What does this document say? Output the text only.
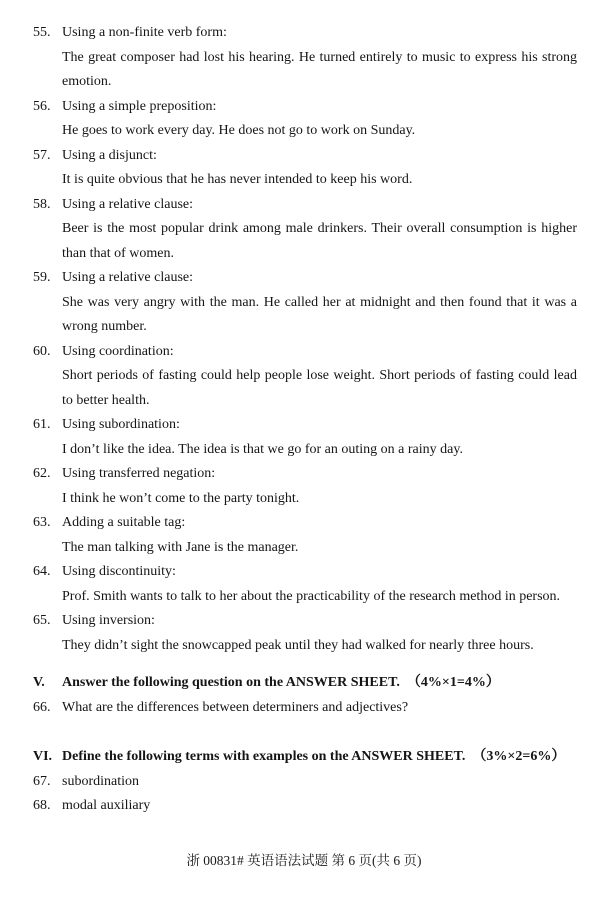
55. Using a non-finite verb form:
The great composer had lost his hearing. He turned entirely to music to express his strong emotion.
56. Using a simple preposition:
He goes to work every day. He does not go to work on Sunday.
57. Using a disjunct:
It is quite obvious that he has never intended to keep his word.
58. Using a relative clause:
Beer is the most popular drink among male drinkers. Their overall consumption is higher than that of women.
59. Using a relative clause:
She was very angry with the man. He called her at midnight and then found that it was a wrong number.
60. Using coordination:
Short periods of fasting could help people lose weight. Short periods of fasting could lead to better health.
61. Using subordination:
I don’t like the idea. The idea is that we go for an outing on a rainy day.
62. Using transferred negation:
I think he won’t come to the party tonight.
63. Adding a suitable tag:
The man talking with Jane is the manager.
64. Using discontinuity:
Prof. Smith wants to talk to her about the practicability of the research method in person.
65. Using inversion:
They didn’t sight the snowcapped peak until they had walked for nearly three hours.
V.	Answer the following question on the ANSWER SHEET. （4%×1=4%）
66. What are the differences between determiners and adjectives?
VI. Define the following terms with examples on the ANSWER SHEET. （3%×2=6%）
67. subordination
68. modal auxiliary
浙 00831# 英语语法试题 第 6 页(共 6 页)
